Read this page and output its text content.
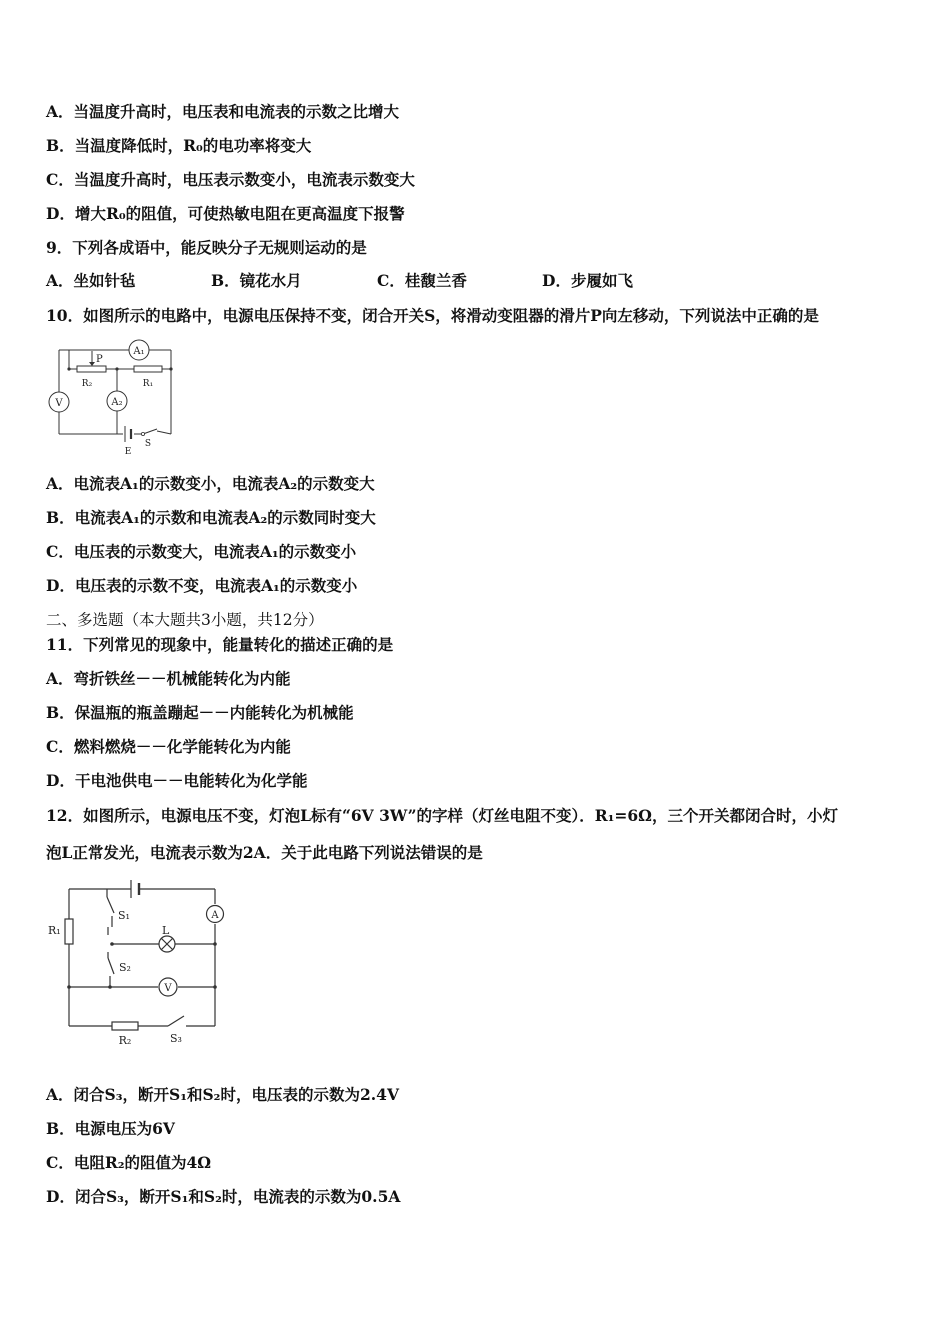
A．当温度升高时，电压表和电流表的示数之比增大
B．当温度降低时，R₀的电功率将变大
C．当温度升高时，电压表示数变小，电流表示数变大
D．增大R₀的阻值，可使热敏电阻在更高温度下报警
9．下列各成语中，能反映分子无规则运动的是
A．坐如针毡	B．镜花水月	C．桂馥兰香	D．步履如飞
10．如图所示的电路中，电源电压保持不变，闭合开关S，将滑动变阻器的滑片P向左移动，下列说法中正确的是
A₁
A₂
V
P
R₂	R₁
E
S
A．电流表A₁的示数变小，电流表A₂的示数变大
B．电流表A₁的示数和电流表A₂的示数同时变大
C．电压表的示数变大，电流表A₁的示数变小
D．电压表的示数不变，电流表A₁的示数变小
二、多选题（本大题共3小题，共12分）
11．下列常见的现象中，能量转化的描述正确的是
A．弯折铁丝－－机械能转化为内能
B．保温瓶的瓶盖蹦起－－内能转化为机械能
C．燃料燃烧－－化学能转化为内能
D．干电池供电－－电能转化为化学能
12．如图所示，电源电压不变，灯泡L标有“6V 3W”的字样（灯丝电阻不变）．R₁=6Ω，三个开关都闭合时，小灯
泡L正常发光，电流表示数为2A．关于此电路下列说法错误的是
A
V
R₁
S₁
L
S₂
R₂	S₃
A．闭合S₃，断开S₁和S₂时，电压表的示数为2.4V
B．电源电压为6V
C．电阻R₂的阻值为4Ω
D．闭合S₃，断开S₁和S₂时，电流表的示数为0.5A
